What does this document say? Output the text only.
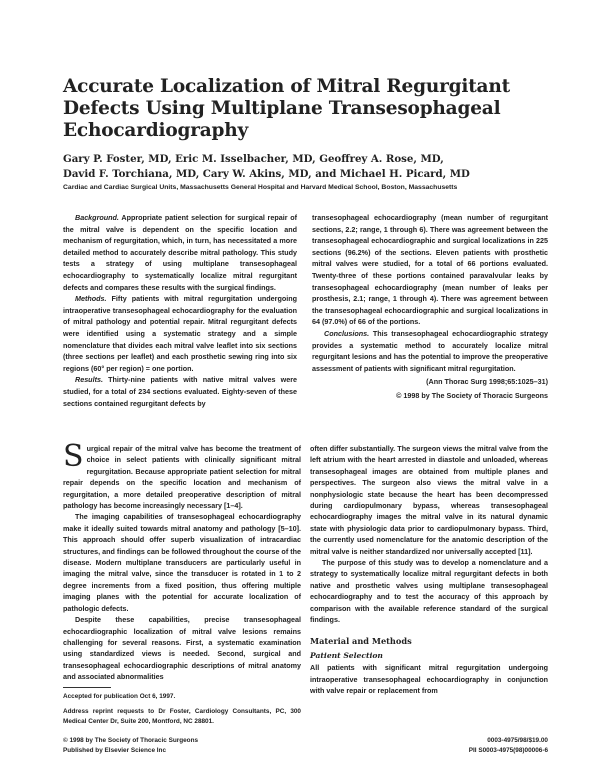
Accurate Localization of Mitral Regurgitant Defects Using Multiplane Transesophageal Echocardiography
Gary P. Foster, MD, Eric M. Isselbacher, MD, Geoffrey A. Rose, MD,
David F. Torchiana, MD, Cary W. Akins, MD, and Michael H. Picard, MD
Cardiac and Cardiac Surgical Units, Massachusetts General Hospital and Harvard Medical School, Boston, Massachusetts

Background. Appropriate patient selection for surgical repair of the mitral valve is dependent on the specific location and mechanism of regurgitation, which, in turn, has necessitated a more detailed method to accurately describe mitral pathology. This study tests a strategy of using multiplane transesophageal echocardiography to systematically localize mitral regurgitant defects and compares these results with the surgical findings.

Methods. Fifty patients with mitral regurgitation undergoing intraoperative transesophageal echocardiography for the evaluation of mitral pathology and potential repair. Mitral regurgitant defects were identified using a systematic strategy and a simple nomenclature that divides each mitral valve leaflet into six sections (three sections per leaflet) and each prosthetic sewing ring into six regions (60° per region) = one portion.

Results. Thirty-nine patients with native mitral valves were studied, for a total of 234 sections evaluated. Eighty-seven of these sections contained regurgitant defects by

transesophageal echocardiography (mean number of regurgitant sections, 2.2; range, 1 through 6). There was agreement between the transesophageal echocardiographic and surgical localizations in 225 sections (96.2%) of the sections. Eleven patients with prosthetic mitral valves were studied, for a total of 66 portions evaluated. Twenty-three of these portions contained paravalvular leaks by transesophageal echocardiography (mean number of leaks per prosthesis, 2.1; range, 1 through 4). There was agreement between the transesophageal echocardiographic and surgical localizations in 64 (97.0%) of 66 of the portions.

Conclusions. This transesophageal echocardiographic strategy provides a systematic method to accurately localize mitral regurgitant lesions and has the potential to improve the preoperative assessment of patients with significant mitral regurgitation.

(Ann Thorac Surg 1998;65:1025–31)
© 1998 by The Society of Thoracic Surgeons

Surgical repair of the mitral valve has become the treatment of choice in select patients with clinically significant mitral regurgitation. Because appropriate patient selection for mitral repair depends on the specific location and mechanism of regurgitation, a more detailed preoperative description of mitral pathology has become increasingly necessary [1–4].

The imaging capabilities of transesophageal echocardiography make it ideally suited towards mitral anatomy and pathology [5–10]. This approach should offer superb visualization of intracardiac structures, and findings can be followed throughout the course of the disease. Modern multiplane transducers are particularly useful in imaging the mitral valve, since the transducer is rotated in 1 to 2 degree increments from a fixed position, thus offering multiple imaging planes with the potential for accurate localization of pathologic defects.

Despite these capabilities, precise transesophageal echocardiographic localization of mitral valve lesions remains challenging for several reasons. First, a systematic examination using standardized views is needed. Second, surgical and transesophageal echocardiographic descriptions of mitral anatomy and associated abnormalities

Accepted for publication Oct 6, 1997.

Address reprint requests to Dr Foster, Cardiology Consultants, PC, 300 Medical Center Dr, Suite 200, Montford, NC 28801.

often differ substantially. The surgeon views the mitral valve from the left atrium with the heart arrested in diastole and unloaded, whereas transesophageal images are obtained from multiple planes and perspectives. The surgeon also views the mitral valve in a nonphysiologic state because the heart has been decompressed during cardiopulmonary bypass, whereas transesophageal echocardiography images the mitral valve in its natural dynamic state with physiologic data prior to cardiopulmonary bypass. Third, the currently used nomenclature for the anatomic description of the mitral valve is neither standardized nor universally accepted [11].

The purpose of this study was to develop a nomenclature and a strategy to systematically localize mitral regurgitant defects in both native and prosthetic valves using multiplane transesophageal echocardiography and to test the accuracy of this approach by comparison with the available reference standard of the surgical findings.

Material and Methods
Patient Selection

All patients with significant mitral regurgitation undergoing intraoperative transesophageal echocardiography in conjunction with valve repair or replacement from

© 1998 by The Society of Thoracic Surgeons
Published by Elsevier Science Inc
0003-4975/98/$19.00
PII S0003-4975(98)00006-6
